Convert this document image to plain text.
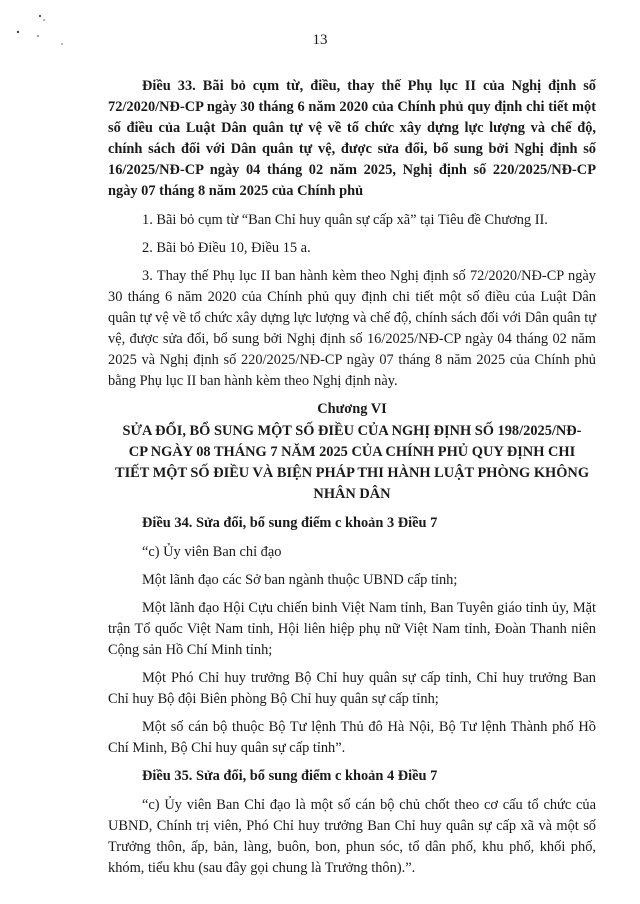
13

Điều 33. Bãi bỏ cụm từ, điều, thay thế Phụ lục II của Nghị định số 72/2020/NĐ-CP ngày 30 tháng 6 năm 2020 của Chính phủ quy định chi tiết một số điều của Luật Dân quân tự vệ về tổ chức xây dựng lực lượng và chế độ, chính sách đối với Dân quân tự vệ, được sửa đổi, bổ sung bởi Nghị định số 16/2025/NĐ-CP ngày 04 tháng 02 năm 2025, Nghị định số 220/2025/NĐ-CP ngày 07 tháng 8 năm 2025 của Chính phủ

1. Bãi bỏ cụm từ “Ban Chỉ huy quân sự cấp xã” tại Tiêu đề Chương II.

2. Bãi bỏ Điều 10, Điều 15 a.

3. Thay thế Phụ lục II ban hành kèm theo Nghị định số 72/2020/NĐ-CP ngày 30 tháng 6 năm 2020 của Chính phủ quy định chi tiết một số điều của Luật Dân quân tự vệ về tổ chức xây dựng lực lượng và chế độ, chính sách đối với Dân quân tự vệ, được sửa đổi, bổ sung bởi Nghị định số 16/2025/NĐ-CP ngày 04 tháng 02 năm 2025 và Nghị định số 220/2025/NĐ-CP ngày 07 tháng 8 năm 2025 của Chính phủ bằng Phụ lục II ban hành kèm theo Nghị định này.

Chương VI

SỬA ĐỔI, BỔ SUNG MỘT SỐ ĐIỀU CỦA NGHỊ ĐỊNH SỐ 198/2025/NĐ-CP NGÀY 08 THÁNG 7 NĂM 2025 CỦA CHÍNH PHỦ QUY ĐỊNH CHI TIẾT MỘT SỐ ĐIỀU VÀ BIỆN PHÁP THI HÀNH LUẬT PHÒNG KHÔNG NHÂN DÂN

Điều 34. Sửa đổi, bổ sung điểm c khoản 3 Điều 7

“c) Ủy viên Ban chỉ đạo

Một lãnh đạo các Sở ban ngành thuộc UBND cấp tỉnh;

Một lãnh đạo Hội Cựu chiến binh Việt Nam tỉnh, Ban Tuyên giáo tỉnh ủy, Mặt trận Tổ quốc Việt Nam tỉnh, Hội liên hiệp phụ nữ Việt Nam tỉnh, Đoàn Thanh niên Cộng sản Hồ Chí Minh tỉnh;

Một Phó Chỉ huy trưởng Bộ Chỉ huy quân sự cấp tỉnh, Chỉ huy trưởng Ban Chỉ huy Bộ đội Biên phòng Bộ Chỉ huy quân sự cấp tỉnh;

Một số cán bộ thuộc Bộ Tư lệnh Thủ đô Hà Nội, Bộ Tư lệnh Thành phố Hồ Chí Minh, Bộ Chỉ huy quân sự cấp tỉnh”.

Điều 35. Sửa đổi, bổ sung điểm c khoản 4 Điều 7

“c) Ủy viên Ban Chỉ đạo là một số cán bộ chủ chốt theo cơ cấu tổ chức của UBND, Chính trị viên, Phó Chỉ huy trưởng Ban Chỉ huy quân sự cấp xã và một số Trưởng thôn, ấp, bản, làng, buôn, bon, phun sóc, tổ dân phố, khu phố, khối phố, khóm, tiểu khu (sau đây gọi chung là Trưởng thôn).”.
